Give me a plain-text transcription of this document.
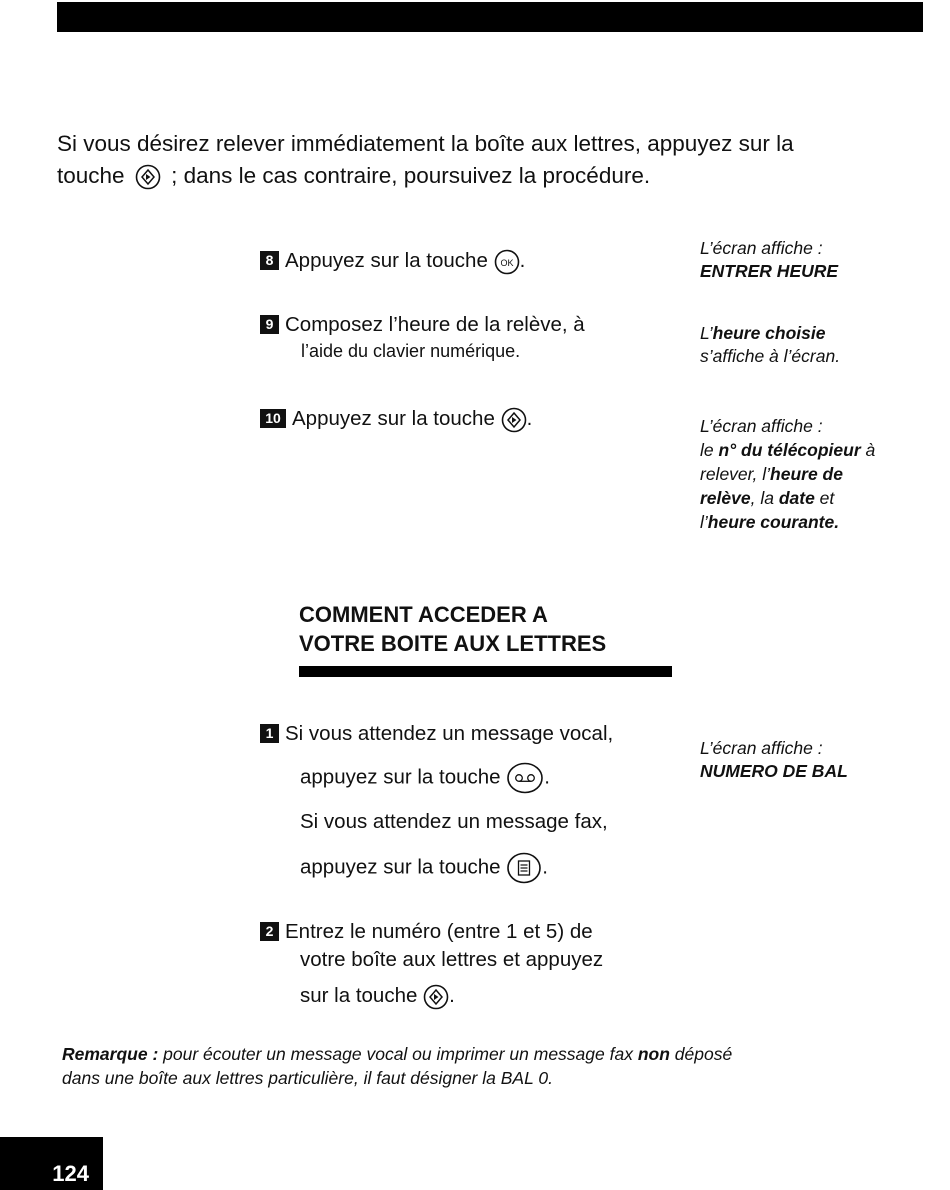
Si vous désirez relever immédiatement la boîte aux lettres, appuyez sur la
touche ; dans le cas contraire, poursuivez la procédure.
8 Appuyez sur la touche OK .
L’écran affiche :
ENTRER HEURE
9 Composez l’heure de la relève, à
l’aide du clavier numérique.
L’heure choisie
s’affiche à l’écran.
10 Appuyez sur la touche .	L’écran affiche :
le n° du télécopieur à
relever, l’heure de
relève, la date et
l’heure courante.
COMMENT ACCEDER A
VOTRE BOITE AUX LETTRES
1 Si vous attendez un message vocal,
appuyez sur la touche .
Si vous attendez un message fax,
appuyez sur la touche .
L’écran affiche :
NUMERO DE BAL
2 Entrez le numéro (entre 1 et 5) de
votre boîte aux lettres et appuyez
sur la touche .
Remarque : pour écouter un message vocal ou imprimer un message fax non déposé
dans une boîte aux lettres particulière, il faut désigner la BAL 0.
124
